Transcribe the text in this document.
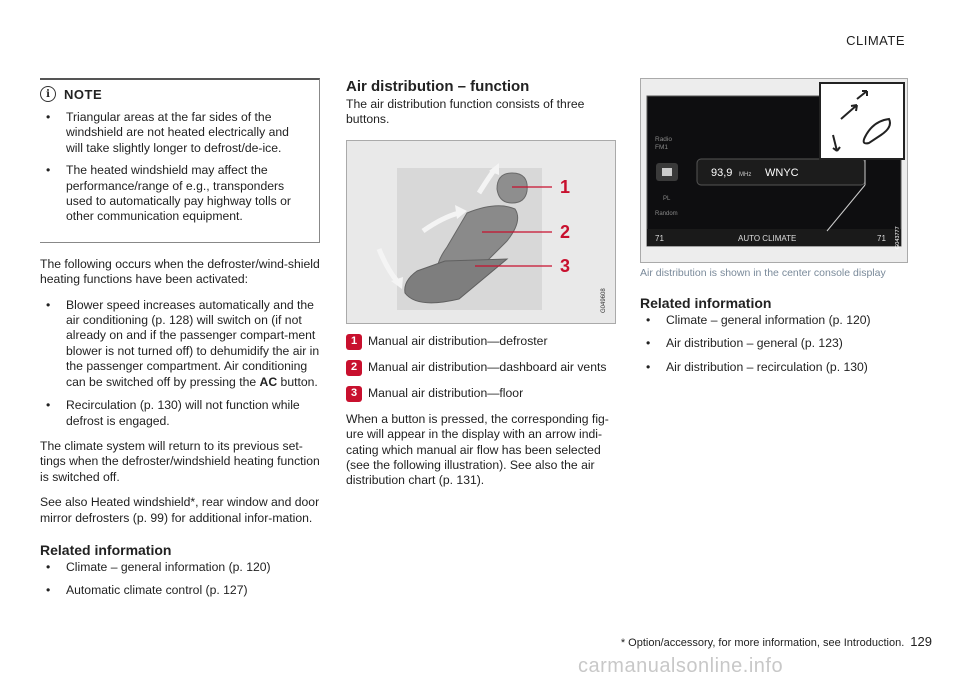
CLIMATE
i	NOTE
• Triangular areas at the far sides of the windshield are not heated electrically and will take slightly longer to defrost/de-ice.
• The heated windshield may affect the performance/range of e.g., transponders used to automatically pay highway tolls or other communication equipment.

The following occurs when the defroster/wind-shield heating functions have been activated:

• Blower speed increases automatically and the air conditioning (p. 128) will switch on (if not already on and if the passenger compart-ment blower is not turned off) to dehumidify the air in the passenger compartment. Air conditioning can be switched off by pressing the AC button.
• Recirculation (p. 130) will not function while defrost is engaged.

The climate system will return to its previous set-tings when the defroster/windshield heating function is switched off.

See also Heated windshield*, rear window and door mirror defrosters (p. 99) for additional infor-mation.

Related information
• Climate – general information (p. 120)
• Automatic climate control (p. 127)
Air distribution – function

The air distribution function consists of three buttons.

1
2
3
G049608
1 Manual air distribution—defroster
2 Manual air distribution—dashboard air vents
3 Manual air distribution—floor

When a button is pressed, the corresponding fig-ure will appear in the display with an arrow indi-cating which manual air flow has been selected (see the following illustration). See also the air distribution chart (p. 131).

Radio
FM1
93,9 MHz WNYC
PL
Random
71	AUTO CLIMATE	71 G043777
Air distribution is shown in the center console display
Related information
• Climate – general information (p. 120)
• Air distribution – general (p. 123)
• Air distribution – recirculation (p. 130)
* Option/accessory, for more information, see Introduction. 129
carmanualsonline.info
